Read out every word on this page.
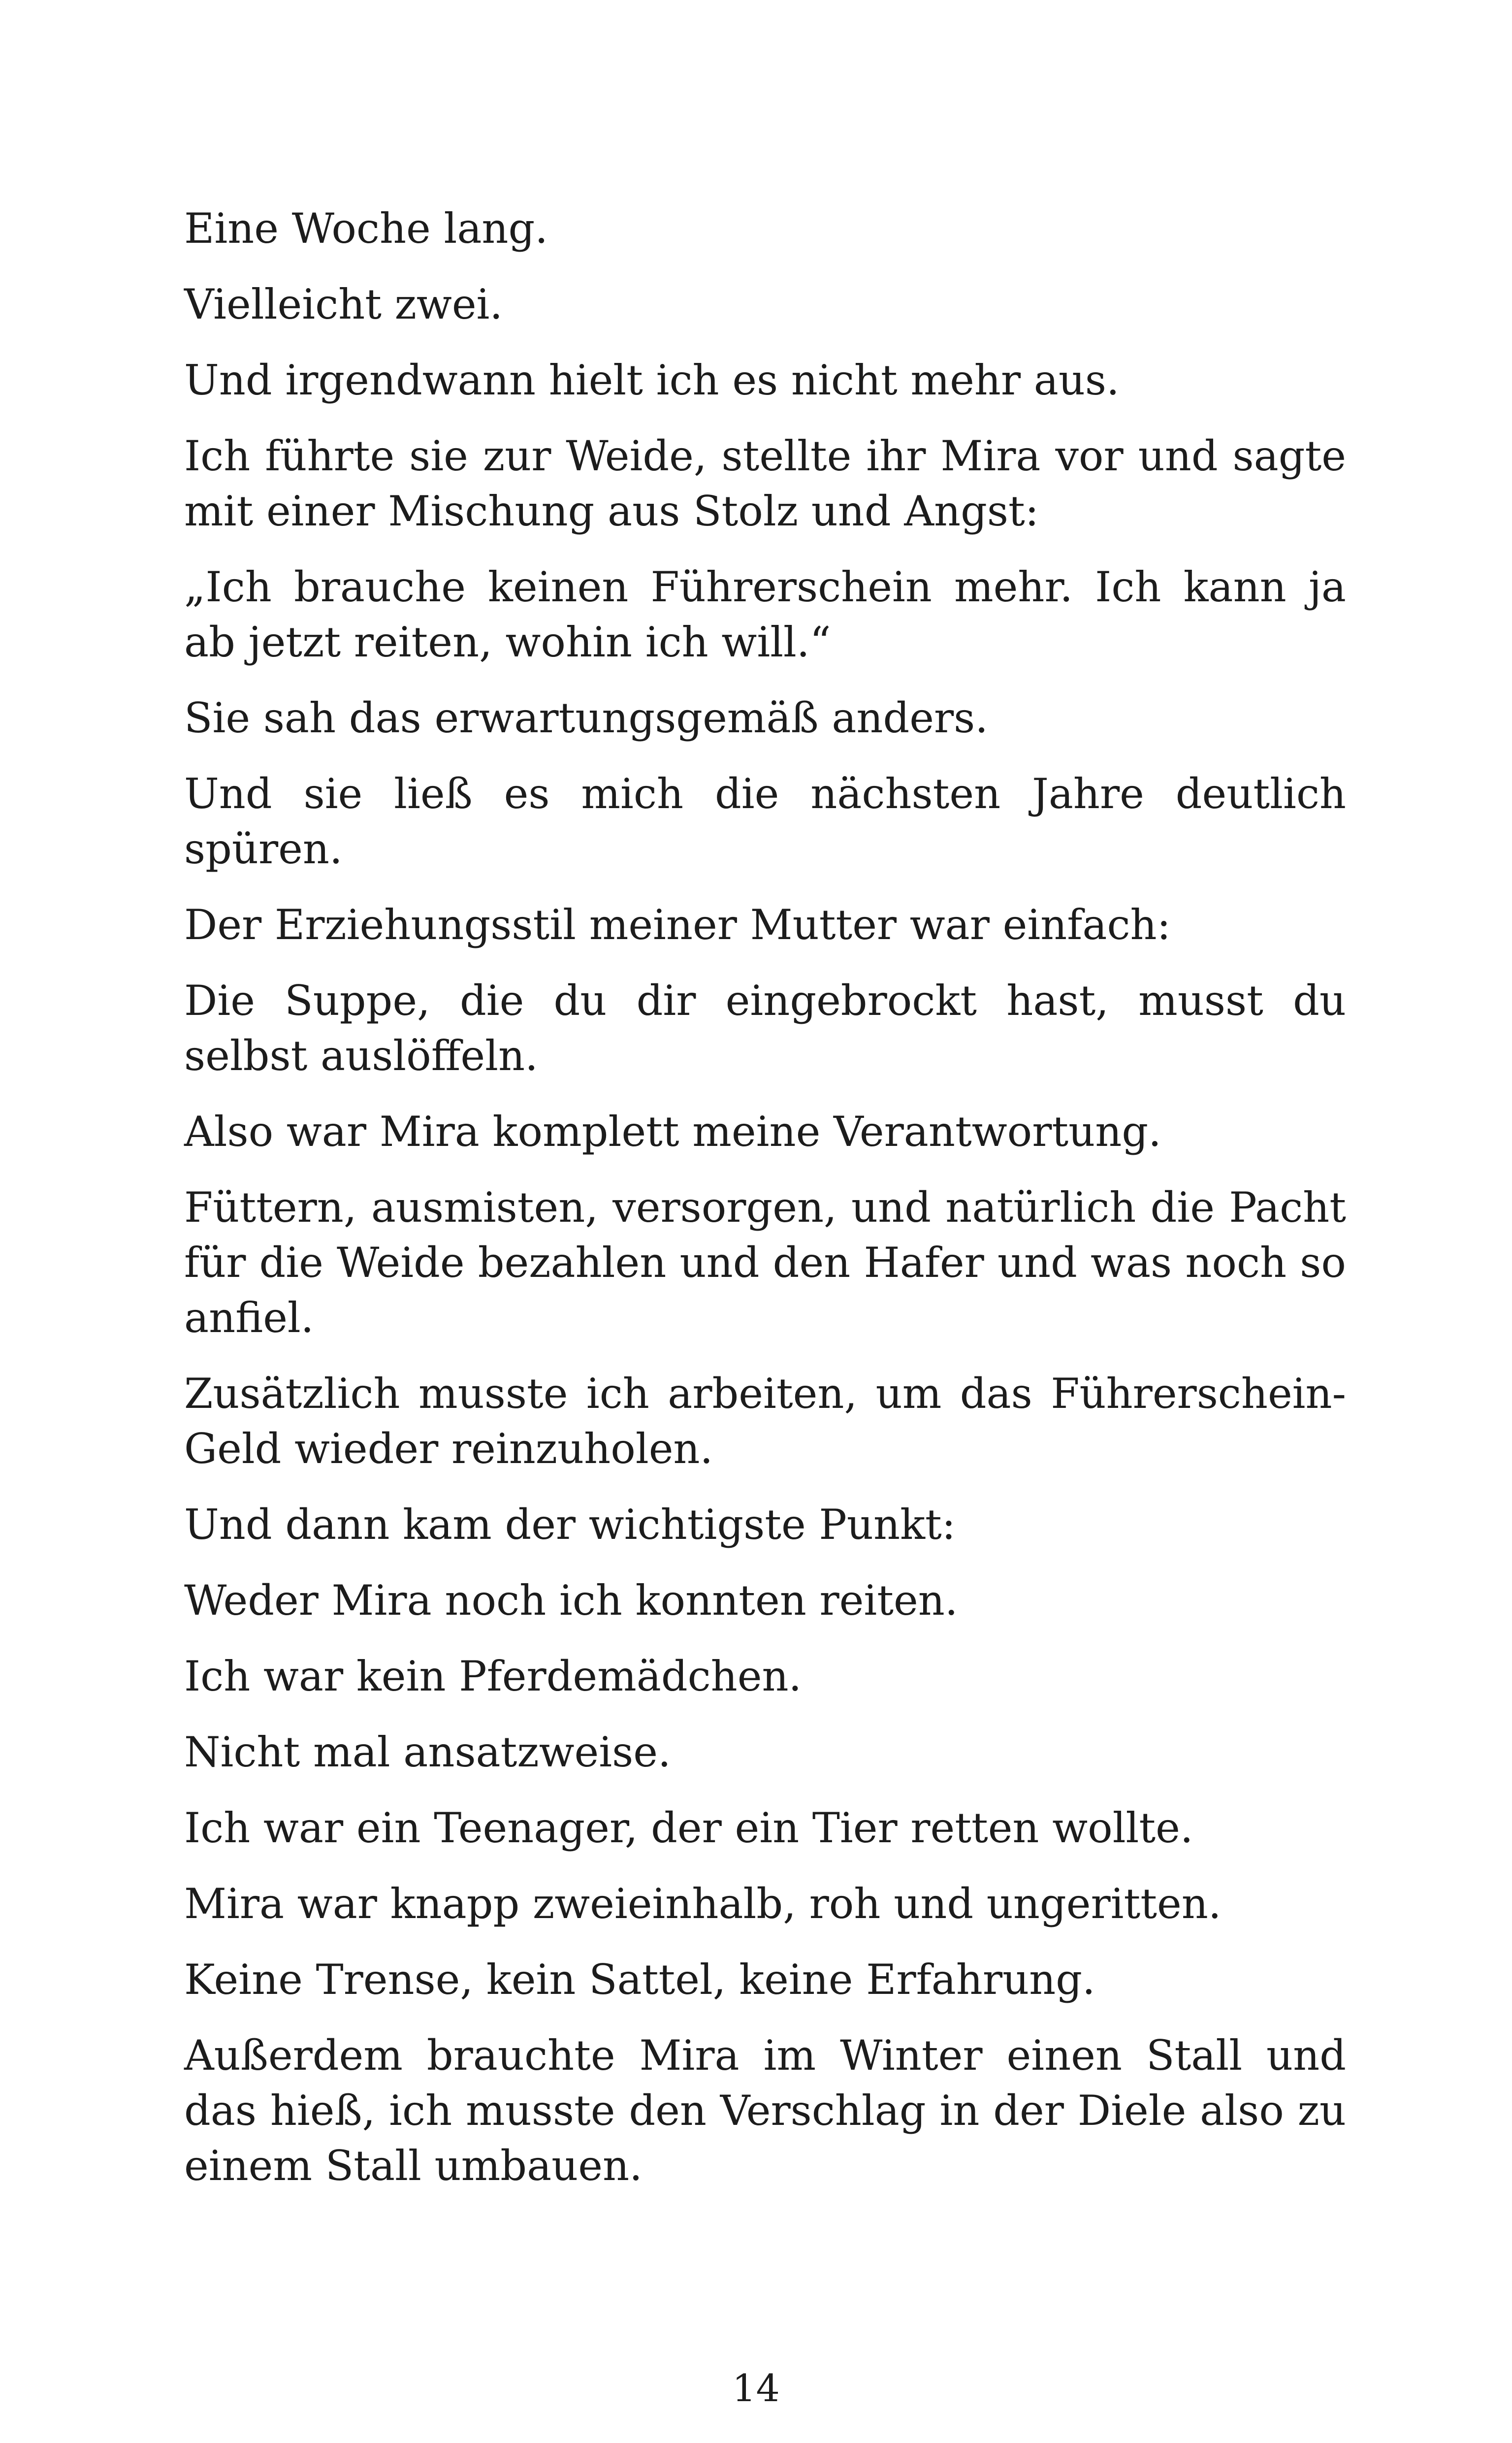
Eine Woche lang.

Vielleicht zwei.

Und irgendwann hielt ich es nicht mehr aus.

Ich führte sie zur Weide, stellte ihr Mira vor und sagte mit einer Mischung aus Stolz und Angst:

„Ich brauche keinen Führerschein mehr. Ich kann ja ab jetzt reiten, wohin ich will.“

Sie sah das erwartungsgemäß anders.

Und sie ließ es mich die nächsten Jahre deutlich spüren.

Der Erziehungsstil meiner Mutter war einfach:

Die Suppe, die du dir eingebrockt hast, musst du selbst auslöffeln.

Also war Mira komplett meine Verantwortung.

Füttern, ausmisten, versorgen, und natürlich die Pacht für die Weide bezahlen und den Hafer und was noch so anfiel.

Zusätzlich musste ich arbeiten, um das Führerschein-Geld wieder reinzuholen.

Und dann kam der wichtigste Punkt:

Weder Mira noch ich konnten reiten.

Ich war kein Pferdemädchen.

Nicht mal ansatzweise.

Ich war ein Teenager, der ein Tier retten wollte.

Mira war knapp zweieinhalb, roh und ungeritten.

Keine Trense, kein Sattel, keine Erfahrung.

Außerdem brauchte Mira im Winter einen Stall und das hieß, ich musste den Verschlag in der Diele also zu einem Stall umbauen.

14
